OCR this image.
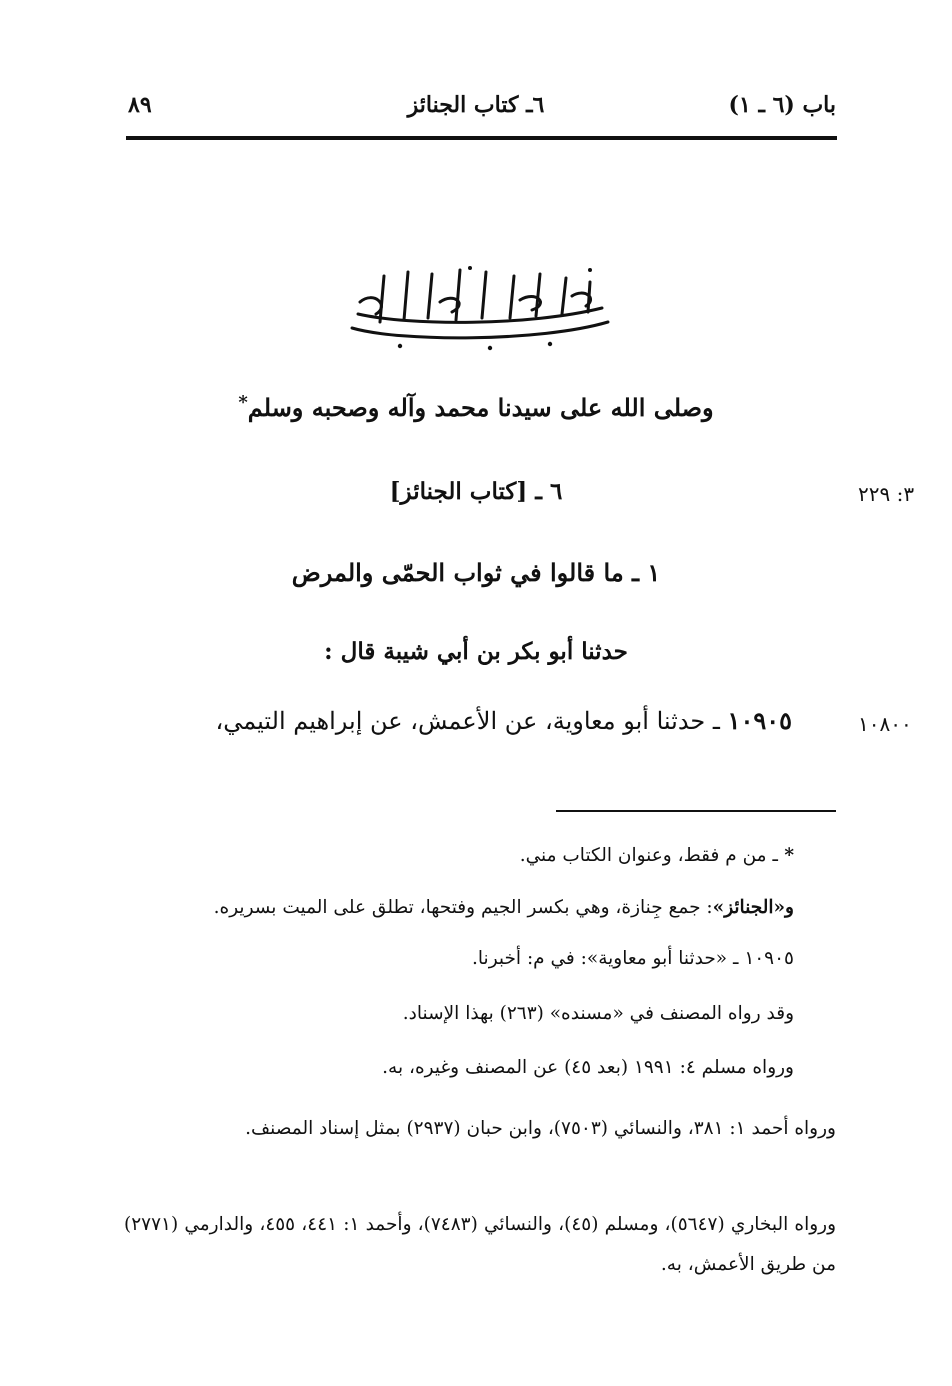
باب (٦ ـ ١)
٦ـ كتاب الجنائز
٨٩
وصلى الله على سيدنا محمد وآله وصحبه وسلم*
٦ ـ [كتاب الجنائز]	٣: ٢٢٩
١ ـ ما قالوا في ثواب الحمّى والمرض
حدثنا أبو بكر بن أبي شيبة قال :
١٠٩٠٥ ـ حدثنا أبو معاوية، عن الأعمش، عن إبراهيم التيمي،	١٠٨٠٠
* ـ من م فقط، وعنوان الكتاب مني.
و«الجنائز»: جمع جِنازة، وهي بكسر الجيم وفتحها، تطلق على الميت بسريره.
١٠٩٠٥ ـ «حدثنا أبو معاوية»: في م: أخبرنا.
وقد رواه المصنف في «مسنده» (٢٦٣) بهذا الإسناد.
ورواه مسلم ٤: ١٩٩١ (بعد ٤٥) عن المصنف وغيره، به.
ورواه أحمد ١: ٣٨١، والنسائي (٧٥٠٣)، وابن حبان (٢٩٣٧) بمثل إسناد المصنف.
ورواه البخاري (٥٦٤٧)، ومسلم (٤٥)، والنسائي (٧٤٨٣)، وأحمد ١: ٤٤١، ٤٥٥، والدارمي (٢٧٧١) من طريق الأعمش، به.
